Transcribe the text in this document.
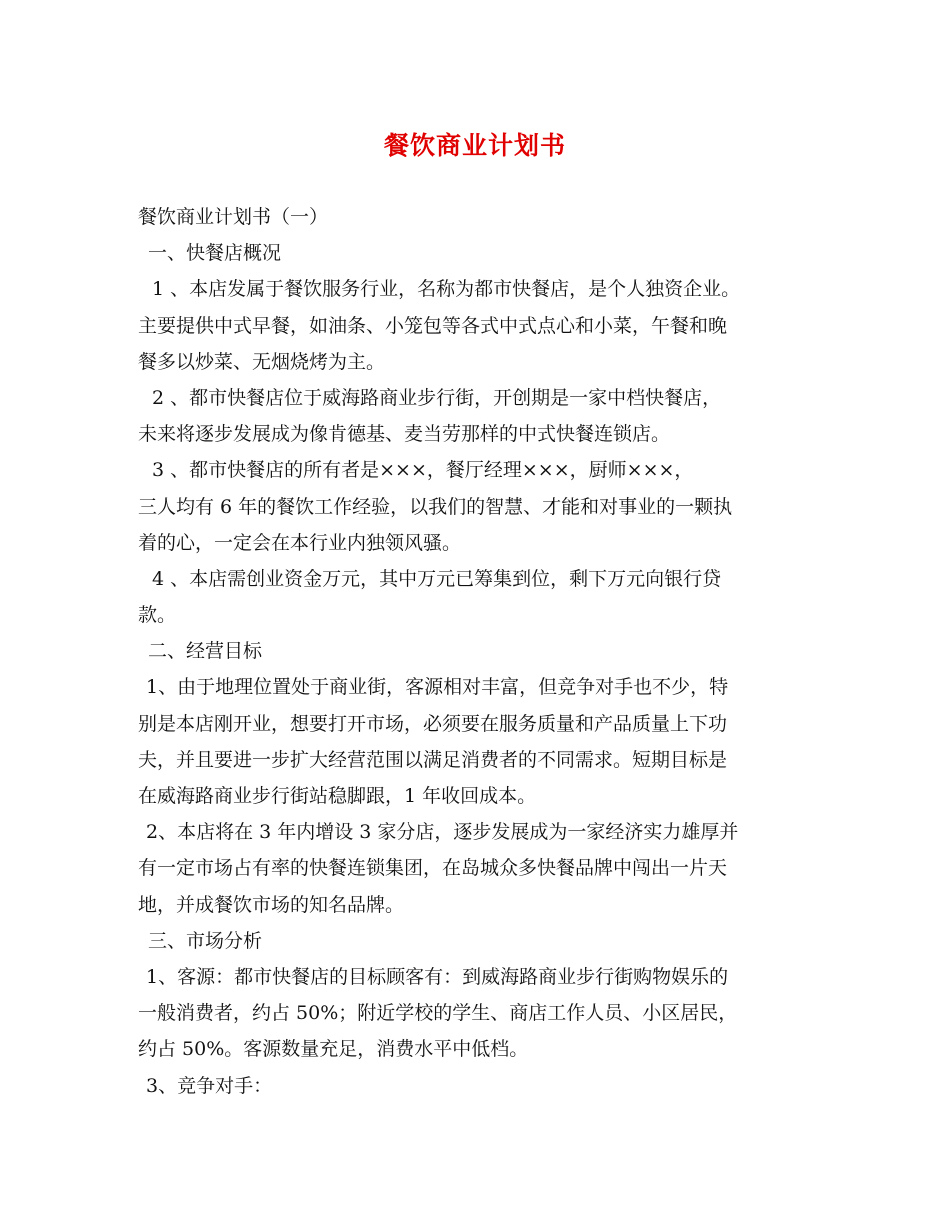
餐饮商业计划书
餐饮商业计划书（一）
一、快餐店概况
1 、本店发属于餐饮服务行业，名称为都市快餐店，是个人独资企业。
主要提供中式早餐，如油条、小笼包等各式中式点心和小菜，午餐和晚
餐多以炒菜、无烟烧烤为主。
2 、都市快餐店位于威海路商业步行街，开创期是一家中档快餐店，
未来将逐步发展成为像肯德基、麦当劳那样的中式快餐连锁店。
3 、都市快餐店的所有者是×××，餐厅经理×××，厨师×××，
三人均有 6 年的餐饮工作经验，以我们的智慧、才能和对事业的一颗执
着的心，一定会在本行业内独领风骚。
4 、本店需创业资金万元，其中万元已筹集到位，剩下万元向银行贷
款。
二、经营目标
1、由于地理位置处于商业街，客源相对丰富，但竞争对手也不少，特
别是本店刚开业，想要打开市场，必须要在服务质量和产品质量上下功
夫，并且要进一步扩大经营范围以满足消费者的不同需求。短期目标是
在威海路商业步行街站稳脚跟，1 年收回成本。
2、本店将在 3 年内增设 3 家分店，逐步发展成为一家经济实力雄厚并
有一定市场占有率的快餐连锁集团，在岛城众多快餐品牌中闯出一片天
地，并成餐饮市场的知名品牌。
三、市场分析
1、客源：都市快餐店的目标顾客有：到威海路商业步行街购物娱乐的
一般消费者，约占 50%；附近学校的学生、商店工作人员、小区居民，
约占 50%。客源数量充足，消费水平中低档。
3、竞争对手：
